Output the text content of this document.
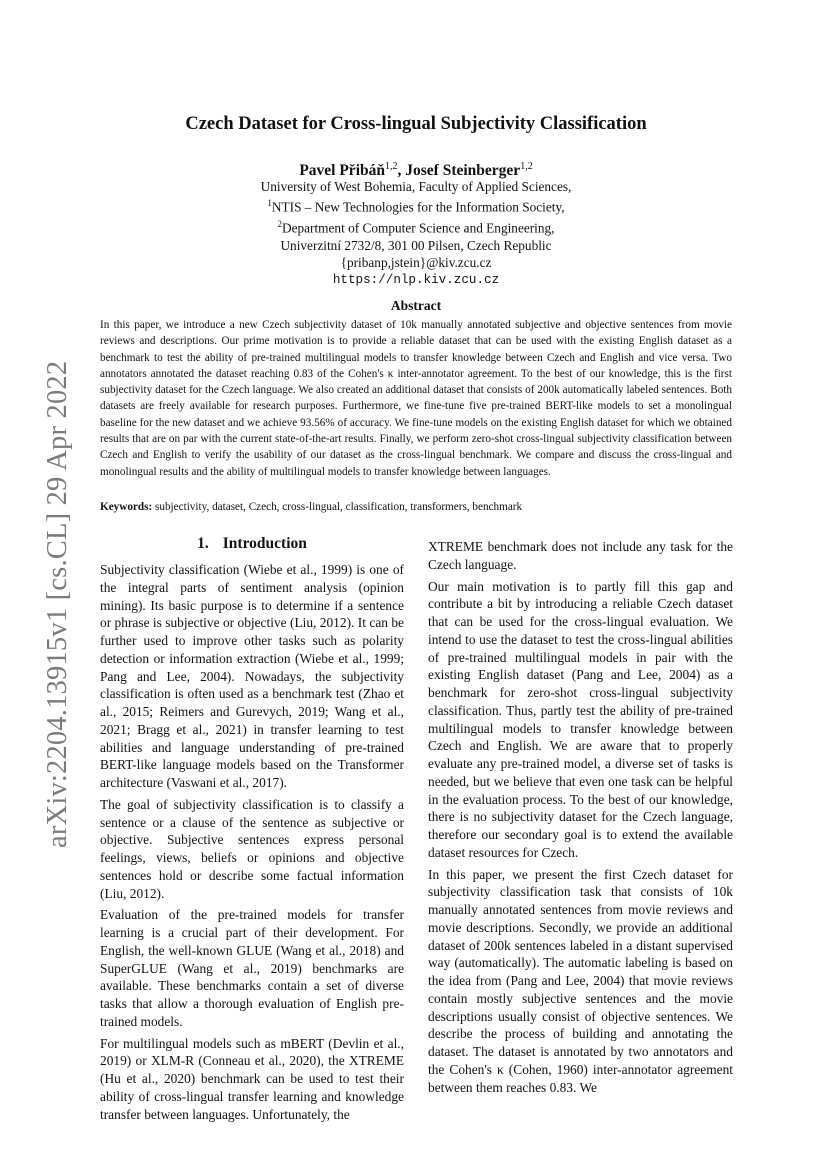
arXiv:2204.13915v1 [cs.CL] 29 Apr 2022
Czech Dataset for Cross-lingual Subjectivity Classification
Pavel Přibáň$^{1,2}$, Josef Steinberger$^{1,2}$
University of West Bohemia, Faculty of Applied Sciences,
$^1$NTIS – New Technologies for the Information Society,
$^2$Department of Computer Science and Engineering,
Univerzitní 2732/8, 301 00 Pilsen, Czech Republic
{pribanp,jstein}@kiv.zcu.cz
https://nlp.kiv.zcu.cz
Abstract
In this paper, we introduce a new Czech subjectivity dataset of 10k manually annotated subjective and objective sentences from movie reviews and descriptions. Our prime motivation is to provide a reliable dataset that can be used with the existing English dataset as a benchmark to test the ability of pre-trained multilingual models to transfer knowledge between Czech and English and vice versa. Two annotators annotated the dataset reaching 0.83 of the Cohen's κ inter-annotator agreement. To the best of our knowledge, this is the first subjectivity dataset for the Czech language. We also created an additional dataset that consists of 200k automatically labeled sentences. Both datasets are freely available for research purposes. Furthermore, we fine-tune five pre-trained BERT-like models to set a monolingual baseline for the new dataset and we achieve 93.56% of accuracy. We fine-tune models on the existing English dataset for which we obtained results that are on par with the current state-of-the-art results. Finally, we perform zero-shot cross-lingual subjectivity classification between Czech and English to verify the usability of our dataset as the cross-lingual benchmark. We compare and discuss the cross-lingual and monolingual results and the ability of multilingual models to transfer knowledge between languages.
Keywords: subjectivity, dataset, Czech, cross-lingual, classification, transformers, benchmark
1. Introduction

Subjectivity classification (Wiebe et al., 1999) is one of the integral parts of sentiment analysis (opinion mining). Its basic purpose is to determine if a sentence or phrase is subjective or objective (Liu, 2012). It can be further used to improve other tasks such as polarity detection or information extraction (Wiebe et al., 1999; Pang and Lee, 2004). Nowadays, the subjectivity classification is often used as a benchmark test (Zhao et al., 2015; Reimers and Gurevych, 2019; Wang et al., 2021; Bragg et al., 2021) in transfer learning to test abilities and language understanding of pre-trained BERT-like language models based on the Transformer architecture (Vaswani et al., 2017).

The goal of subjectivity classification is to classify a sentence or a clause of the sentence as subjective or objective. Subjective sentences express personal feelings, views, beliefs or opinions and objective sentences hold or describe some factual information (Liu, 2012).

Evaluation of the pre-trained models for transfer learning is a crucial part of their development. For English, the well-known GLUE (Wang et al., 2018) and SuperGLUE (Wang et al., 2019) benchmarks are available. These benchmarks contain a set of diverse tasks that allow a thorough evaluation of English pre-trained models.

For multilingual models such as mBERT (Devlin et al., 2019) or XLM-R (Conneau et al., 2020), the XTREME (Hu et al., 2020) benchmark can be used to test their ability of cross-lingual transfer learning and knowledge transfer between languages. Unfortunately, the

XTREME benchmark does not include any task for the Czech language.

Our main motivation is to partly fill this gap and contribute a bit by introducing a reliable Czech dataset that can be used for the cross-lingual evaluation. We intend to use the dataset to test the cross-lingual abilities of pre-trained multilingual models in pair with the existing English dataset (Pang and Lee, 2004) as a benchmark for zero-shot cross-lingual subjectivity classification. Thus, partly test the ability of pre-trained multilingual models to transfer knowledge between Czech and English. We are aware that to properly evaluate any pre-trained model, a diverse set of tasks is needed, but we believe that even one task can be helpful in the evaluation process. To the best of our knowledge, there is no subjectivity dataset for the Czech language, therefore our secondary goal is to extend the available dataset resources for Czech.

In this paper, we present the first Czech dataset for subjectivity classification task that consists of 10k manually annotated sentences from movie reviews and movie descriptions. Secondly, we provide an additional dataset of 200k sentences labeled in a distant supervised way (automatically). The automatic labeling is based on the idea from (Pang and Lee, 2004) that movie reviews contain mostly subjective sentences and the movie descriptions usually consist of objective sentences. We describe the process of building and annotating the dataset. The dataset is annotated by two annotators and the Cohen's κ (Cohen, 1960) inter-annotator agreement between them reaches 0.83. We
